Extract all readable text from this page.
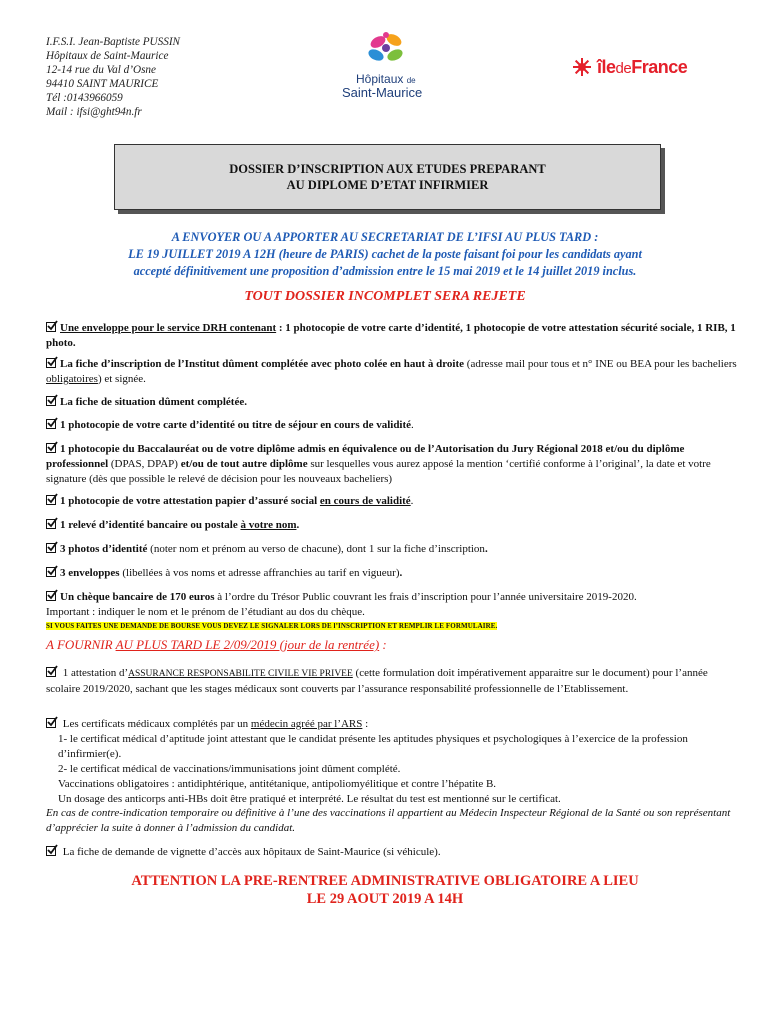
I.F.S.I. Jean-Baptiste PUSSIN
Hôpitaux de Saint-Maurice
12-14 rue du Val d’Osne
94410 SAINT MAURICE
Tél :0143966059
Mail : ifsi@ght94n.fr
Hôpitaux de
Saint-Maurice
îledeFrance
DOSSIER D’INSCRIPTION AUX ETUDES PREPARANT
AU DIPLOME D’ETAT INFIRMIER
A ENVOYER OU A APPORTER AU SECRETARIAT DE L’IFSI AU PLUS TARD :
LE 19 JUILLET 2019 A 12H (heure de PARIS) cachet de la poste faisant foi pour les candidats ayant
accepté définitivement une proposition d’admission entre le 15 mai 2019 et le 14 juillet 2019 inclus.
TOUT DOSSIER INCOMPLET SERA REJETE

Une enveloppe pour le service DRH contenant : 1 photocopie de votre carte d’identité, 1 photocopie de votre attestation sécurité sociale, 1 RIB, 1 photo.

La fiche d’inscription de l’Institut dûment complétée avec photo colée en haut à droite (adresse mail pour tous et n° INE ou BEA pour les bacheliers obligatoires) et signée.

La fiche de situation dûment complétée.

1 photocopie de votre carte d’identité ou titre de séjour en cours de validité.

1 photocopie du Baccalauréat ou de votre diplôme admis en équivalence ou de l’Autorisation du Jury Régional 2018 et/ou du diplôme professionnel (DPAS, DPAP) et/ou de tout autre diplôme sur lesquelles vous aurez apposé la mention ‘certifié conforme à l’original’, la date et votre signature (dès que possible le relevé de décision pour les nouveaux bacheliers)

1 photocopie de votre attestation papier d’assuré social en cours de validité.

1 relevé d’identité bancaire ou postale à votre nom.

3 photos d’identité (noter nom et prénom au verso de chacune), dont 1 sur la fiche d’inscription.

3 enveloppes (libellées à vos noms et adresse affranchies au tarif en vigueur).

Un chèque bancaire de 170 euros à l’ordre du Trésor Public couvrant les frais d’inscription pour l’année universitaire 2019-2020.

Important : indiquer le nom et le prénom de l’étudiant au dos du chèque.

SI VOUS FAITES UNE DEMANDE DE BOURSE VOUS DEVEZ LE SIGNALER LORS DE l’INSCRIPTION ET REMPLIR LE FORMULAIRE.

A FOURNIR AU PLUS TARD LE 2/09/2019 (jour de la rentrée) :

1 attestation d’ASSURANCE RESPONSABILITE CIVILE VIE PRIVEE (cette formulation doit impérativement apparaitre sur le document) pour l’année scolaire 2019/2020, sachant que les stages médicaux sont couverts par l’assurance responsabilité professionnelle de l’Etablissement.

Les certificats médicaux complétés par un médecin agréé par l’ARS :

1- le certificat médical d’aptitude joint attestant que le candidat présente les aptitudes physiques et psychologiques à l’exercice de la profession d’infirmier(e).

2- le certificat médical de vaccinations/immunisations joint dûment complété.

Vaccinations obligatoires : antidiphtérique, antitétanique, antipoliomyélitique et contre l’hépatite B.

Un dosage des anticorps anti-HBs doit être pratiqué et interprété. Le résultat du test est mentionné sur le certificat.

En cas de contre-indication temporaire ou définitive à l’une des vaccinations il appartient au Médecin Inspecteur Régional de la Santé ou son représentant d’apprécier la suite à donner à l’admission du candidat.

La fiche de demande de vignette d’accès aux hôpitaux de Saint-Maurice (si véhicule).

ATTENTION LA PRE-RENTREE ADMINISTRATIVE OBLIGATOIRE A LIEU
LE 29 AOUT 2019 A 14H
